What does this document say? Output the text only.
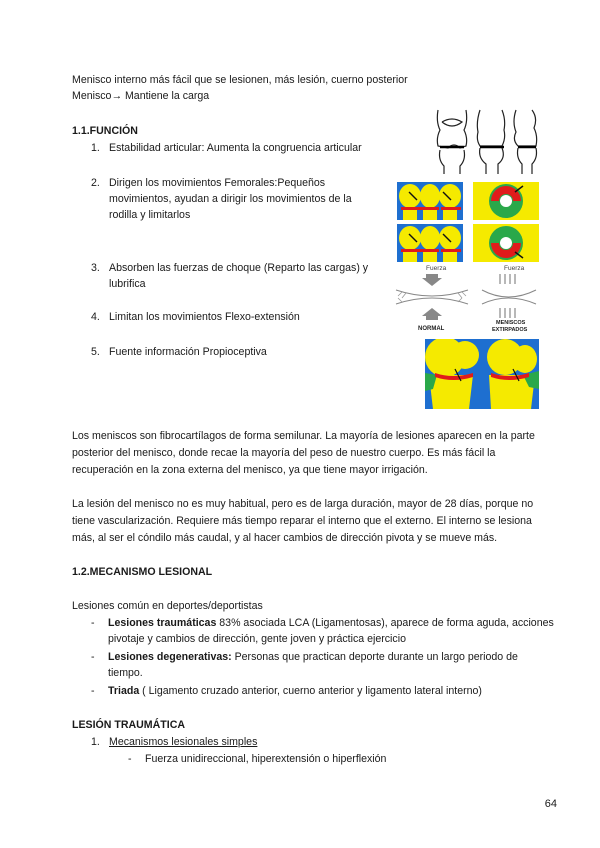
Menisco interno más fácil que se lesionen, más lesión, cuerno posterior
Menisco→ Mantiene la carga
1.1.FUNCIÓN
1. Estabilidad articular: Aumenta la congruencia articular
2. Dirigen los movimientos Femorales:Pequeños
movimientos, ayudan a dirigir los movimientos de la
rodilla y limitarlos
3. Absorben las fuerzas de choque (Reparto las cargas) y
lubrifica
4. Limitan los movimientos Flexo-extensión
5. Fuente información Propioceptiva
Fuerza	Fuerza
NORMAL
MENISCOS
EXTIRPADOS
Los meniscos son fibrocartílagos de forma semilunar. La mayoría de lesiones aparecen en la parte
posterior del menisco, donde recae la mayoría del peso de nuestro cuerpo. Es más fácil la
recuperación en la zona externa del menisco, ya que tiene mayor irrigación.
La lesión del menisco no es muy habitual, pero es de larga duración, mayor de 28 días, porque no
tiene vascularización. Requiere más tiempo reparar el interno que el externo. El interno se lesiona
más, al ser el cóndilo más caudal, y al hacer cambios de dirección pivota y se mueve más.
1.2.MECANISMO LESIONAL
Lesiones común en deportes/deportistas
- Lesiones traumáticas 83% asociada LCA (Ligamentosas), aparece de forma aguda, acciones
pivotaje y cambios de dirección, gente joven y práctica ejercicio
- Lesiones degenerativas: Personas que practican deporte durante un largo periodo de
tiempo.
- Triada ( Ligamento cruzado anterior, cuerno anterior y ligamento lateral interno)
LESIÓN TRAUMÁTICA
1. Mecanismos lesionales simples
- Fuerza unidireccional, hiperextensión o hiperflexión
64
